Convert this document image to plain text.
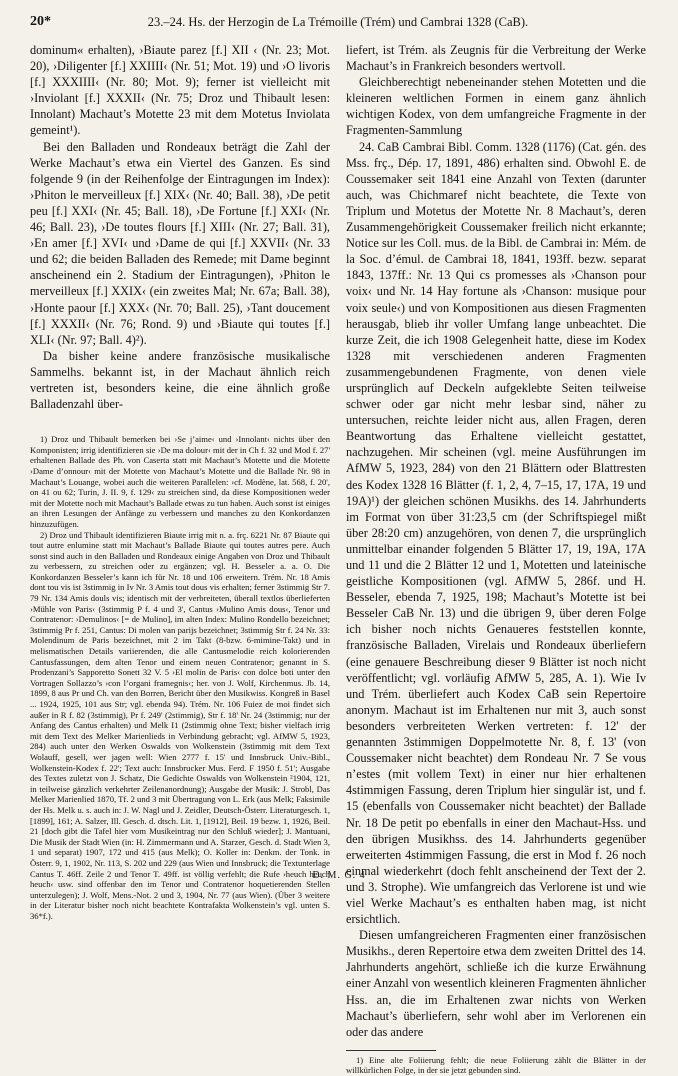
20*	23.–24. Hs. der Herzogin de La Trémoille (Trém) und Cambrai 1328 (CaB).

dominum« erhalten), ›Biaute parez [f.] XII ‹ (Nr. 23; Mot. 20), ›Diligenter [f.] XXIIII‹ (Nr. 51; Mot. 19) und ›O livoris [f.] XXXIIII‹ (Nr. 80; Mot. 9); ferner ist vielleicht mit ›Inviolant [f.] XXXII‹ (Nr. 75; Droz und Thibault lesen: Innolant) Machaut’s Motette 23 mit dem Motetus Inviolata gemeint¹).

Bei den Balladen und Rondeaux beträgt die Zahl der Werke Machaut’s etwa ein Viertel des Ganzen. Es sind folgende 9 (in der Reihenfolge der Eintragungen im Index): ›Phiton le merveilleux [f.] XIX‹ (Nr. 40; Ball. 38), ›De petit peu [f.] XXI‹ (Nr. 45; Ball. 18), ›De Fortune [f.] XXI‹ (Nr. 46; Ball. 23), ›De toutes flours [f.] XIII‹ (Nr. 27; Ball. 31), ›En amer [f.] XVI‹ und ›Dame de qui [f.] XXVII‹ (Nr. 33 und 62; die beiden Balladen des Remede; mit Dame beginnt anscheinend ein 2. Stadium der Eintragungen), ›Phiton le merveilleux [f.] XXIX‹ (ein zweites Mal; Nr. 67a; Ball. 38), ›Honte paour [f.] XXX‹ (Nr. 70; Ball. 25), ›Tant doucement [f.] XXXII‹ (Nr. 76; Rond. 9) und ›Biaute qui toutes [f.] XLI‹ (Nr. 97; Ball. 4)²).

Da bisher keine andere französische musikalische Sammelhs. bekannt ist, in der Machaut ähnlich reich vertreten ist, besonders keine, die eine ähnlich große Balladenzahl über-

1) Droz und Thibault bemerken bei ›Se j’aime‹ und ›Innolant‹ nichts über den Komponisten; irrig identifizieren sie ›De ma dolour‹ mit der in Ch f. 32 und Mod f. 27' erhaltenen Ballade des Ph. von Caserta statt mit Machaut’s Motette und die Motette ›Dame d’onnour‹ mit der Motette von Machaut’s Motette und die Ballade Nr. 98 in Machaut’s Louange, wobei auch die weiteren Parallelen: ›cf. Modène, lat. 568, f. 20', on 41 ou 62; Turin, J. II. 9, f. 129‹ zu streichen sind, da diese Kompositionen weder mit der Motette noch mit Machaut’s Ballade etwas zu tun haben. Auch sonst ist einiges an ihren Lesungen der Anfänge zu verbessern und manches zu den Konkordanzen hinzuzufügen.

2) Droz und Thibault identifizieren Biaute irrig mit n. a. frç. 6221 Nr. 87 Biaute qui tout autre enlumine statt mit Machaut’s Ballade Biaute qui toutes autres pere. Auch sonst sind auch in den Balladen und Rondeaux einige Angaben von Droz und Thibault zu verbessern, zu streichen oder zu ergänzen; vgl. H. Besseler a. a. O. Die Konkordanzen Besseler’s kann ich für Nr. 18 und 106 erweitern. Trém. Nr. 18 Amis dont tou vis ist 3stimmig in Iv Nr. 3 Amis tout dous vis erhalten; ferner 3stimmig Str 7. 79 Nr. 134 Amis douls vis; identisch mit der verbreiteten, überall textlos überlieferten ›Mühle von Paris‹ (3stimmig P f. 4 und 3', Cantus ›Mulino Amis dous‹, Tenor und Contratenor: ›Demulinos‹ [= de Mulino], im alten Index: Mulino Rondello bezeichnet; 3stimmig Pr f. 251, Cantus: Di molen van parijs bezeichnet; 3stimmig Str f. 24 Nr. 33: Molendinum de Paris bezeichnet, mit 2 im Takt (8-bzw. 6-mimine-Takt) und in melismatischen Details variierenden, die alle Cantusmelodie reich kolorierenden Cantusfassungen, dem alten Tenor und einem neuen Contratenor; genannt in S. Prodenzani’s Sapporetto Sonett 32 V. 5 ›El molin de Paris‹ con dolce boti unter den Vortragen Sollazzo’s ›con l’organi framegnis‹; her. von J. Wolf, Kirchenmus. Jb. 14, 1899, 8 aus Pr und Ch. van den Borren, Bericht über den Musikwiss. Kongreß in Basel ... 1924, 1925, 101 aus Str; vgl. ebenda 94). Trém. Nr. 106 Fuiez de moi findet sich außer in R f. 82 (3stimmig), Pr f. 249' (2stimmig), Str f. 18' Nr. 24 (3stimmig; nur der Anfang des Cantus erhalten) und Melk I1 (2stimmig ohne Text; bisher vielfach irrig mit dem Text des Melker Marienlieds in Verbindung gebracht; vgl. AfMW 5, 1923, 284) auch unter den Werken Oswalds von Wolkenstein (3stimmig mit dem Text Wolauff, gesell, wer jagen well: Wien 2777 f. 15' und Innsbruck Univ.-Bibl., Wolkenstein-Kodex f. 22'; Text auch: Innsbrucker Mus. Ferd. F 1950 f. 51'; Ausgabe des Textes zuletzt von J. Schatz, Die Gedichte Oswalds von Wolkenstein ²1904, 121, in teilweise gänzlich verkehrter Zeilenanordnung); Ausgabe der Musik: J. Strobl, Das Melker Marienlied 1870, Tf. 2 und 3 mit Übertragung von L. Erk (aus Melk; Faksimile der Hs. Melk u. s. auch in: J. W. Nagl und J. Zeidler, Deutsch-Österr. Literaturgesch. 1, [1899], 161; A. Salzer, Ill. Gesch. d. dtsch. Lit. 1, [1912], Beil. 19 bezw. 1, 1926, Beil. 21 [doch gibt die Tafel hier vom Musikeintrag nur den Schluß wieder]; J. Mantuani, Die Musik der Stadt Wien (in: H. Zimmermann und A. Starzer, Gesch. d. Stadt Wien 3, 1 und separat) 1907, 172 und 415 (aus Melk); O. Koller in: Denkm. der Tonk. in Österr. 9, 1, 1902, Nr. 113, S. 202 und 229 (aus Wien und Innsbruck; die Textunterlage Cantus T. 46ff. Zeile 2 und Tenor T. 49ff. ist völlig verfehlt; die Rufe ›heuch heuch heuch‹ usw. sind offenbar den im Tenor und Contratenor hoquetierenden Stellen unterzulegen); J. Wolf, Mens.-Not. 2 und 3, 1904, Nr. 77 (aus Wien). (Über 3 weitere in der Literatur bisher noch nicht beachtete Kontrafakta Wolkenstein’s vgl. unten S. 36*f.).

liefert, ist Trém. als Zeugnis für die Verbreitung der Werke Machaut’s in Frankreich besonders wertvoll.

Gleichberechtigt nebeneinander stehen Motetten und die kleineren weltlichen Formen in einem ganz ähnlich wichtigen Kodex, von dem umfangreiche Fragmente in der Fragmenten-Sammlung

24. CaB Cambrai Bibl. Comm. 1328 (1176) (Cat. gén. des Mss. frç., Dép. 17, 1891, 486) erhalten sind. Obwohl E. de Coussemaker seit 1841 eine Anzahl von Texten (darunter auch, was Chichmaref nicht beachtete, die Texte von Triplum und Motetus der Motette Nr. 8 Machaut’s, deren Zusammengehörigkeit Coussemaker freilich nicht erkannte; Notice sur les Coll. mus. de la Bibl. de Cambrai in: Mém. de la Soc. d’émul. de Cambrai 18, 1841, 193ff. bezw. separat 1843, 137ff.: Nr. 13 Qui cs promesses als ›Chanson pour voix‹ und Nr. 14 Hay fortune als ›Chanson: musique pour voix seule‹) und von Kompositionen aus diesen Fragmenten herausgab, blieb ihr voller Umfang lange unbeachtet. Die kurze Zeit, die ich 1908 Gelegenheit hatte, diese im Kodex 1328 mit verschiedenen anderen Fragmenten zusammengebundenen Fragmente, von denen viele ursprünglich auf Deckeln aufgeklebte Seiten teilweise schwer oder gar nicht mehr lesbar sind, näher zu untersuchen, reichte leider nicht aus, allen Fragen, deren Beantwortung das Erhaltene vielleicht gestattet, nachzugehen. Mir scheinen (vgl. meine Ausführungen im AfMW 5, 1923, 284) von den 21 Blättern oder Blattresten des Kodex 1328 16 Blätter (f. 1, 2, 4, 7–15, 17, 17A, 19 und 19A)¹) der gleichen schönen Musikhs. des 14. Jahrhunderts im Format von über 31:23,5 cm (der Schriftspiegel mißt über 28:20 cm) anzugehören, von denen 7, die ursprünglich unmittelbar einander folgenden 5 Blätter 17, 19, 19A, 17A und 11 und die 2 Blätter 12 und 1, Motetten und lateinische geistliche Kompositionen (vgl. AfMW 5, 286f. und H. Besseler, ebenda 7, 1925, 198; Machaut’s Motette ist bei Besseler CaB Nr. 13) und die übrigen 9, über deren Folge ich bisher noch nichts Genaueres feststellen konnte, französische Balladen, Virelais und Rondeaux überliefern (eine genauere Beschreibung dieser 9 Blätter ist noch nicht veröffentlicht; vgl. vorläufig AfMW 5, 285, A. 1). Wie Iv und Trém. überliefert auch Kodex CaB sein Repertoire anonym. Machaut ist im Erhaltenen nur mit 3, auch sonst besonders verbreiteten Werken vertreten: f. 12' der genannten 3stimmigen Doppelmotette Nr. 8, f. 13' (von Coussemaker nicht beachtet) dem Rondeau Nr. 7 Se vous n’estes (mit vollem Text) in einer nur hier erhaltenen 4stimmigen Fassung, deren Triplum hier singulär ist, und f. 15 (ebenfalls von Coussemaker nicht beachtet) der Ballade Nr. 18 De petit po ebenfalls in einer den Machaut-Hss. und den übrigen Musikhss. des 14. Jahrhunderts gegenüber erweiterten 4stimmigen Fassung, die erst in Mod f. 26 noch einmal wiederkehrt (doch fehlt anscheinend der Text der 2. und 3. Strophe). Wie umfangreich das Verlorene ist und wie viel Werke Machaut’s es enthalten haben mag, ist nicht ersichtlich.

Diesen umfangreicheren Fragmenten einer französischen Musikhs., deren Repertoire etwa dem zweiten Drittel des 14. Jahrhunderts angehört, schließe ich die kurze Erwähnung einer Anzahl von wesentlich kleineren Fragmenten ähnlicher Hss. an, die im Erhaltenen zwar nichts von Werken Machaut’s überliefern, sehr wohl aber im Verlorenen ein oder das andere

1) Eine alte Foliierung fehlt; die neue Foliierung zählt die Blätter in der willkürlichen Folge, in der sie jetzt gebunden sind.
D. M. G. 4
